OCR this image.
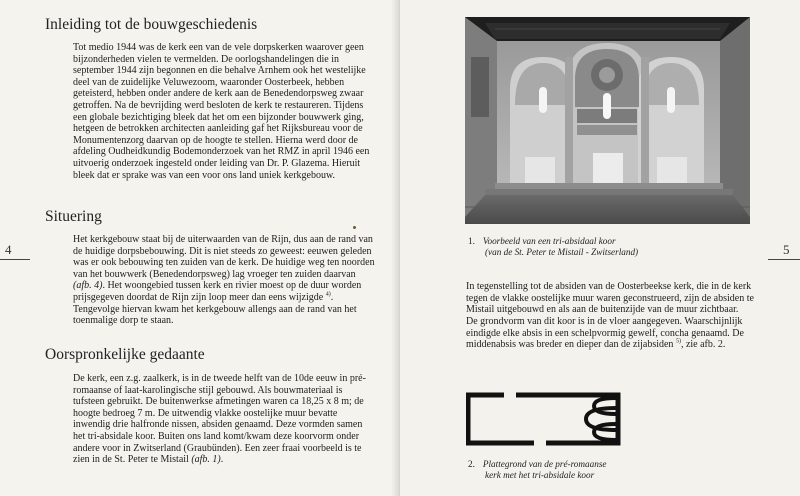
Inleiding tot de bouwgeschiedenis

Tot medio 1944 was de kerk een van de vele dorpskerken waarover geen bijzonderheden vielen te vermelden. De oorlogshandelingen die in september 1944 zijn begonnen en die behalve Arnhem ook het westelijke deel van de zuidelijke Veluwezoom, waaronder Oosterbeek, hebben geteisterd, hebben onder andere de kerk aan de Benedendorpsweg zwaar getroffen. Na de bevrijding werd besloten de kerk te restaureren. Tijdens een globale bezichtiging bleek dat het om een bijzonder bouwwerk ging, hetgeen de betrokken architecten aanleiding gaf het Rijksbureau voor de Monumentenzorg daarvan op de hoogte te stellen. Hierna werd door de afdeling Oudheidkundig Bodemonderzoek van het RMZ in april 1946 een uitvoerig onderzoek ingesteld onder leiding van Dr. P. Glazema. Hieruit bleek dat er sprake was van een voor ons land uniek kerkgebouw.

Situering

Het kerkgebouw staat bij de uiterwaarden van de Rijn, dus aan de rand van de huidige dorpsbebouwing. Dit is niet steeds zo geweest: eeuwen geleden was er ook bebouwing ten zuiden van de kerk. De huidige weg ten noorden van het bouwwerk (Benedendorpsweg) lag vroeger ten zuiden daarvan (afb. 4). Het woongebied tussen kerk en rivier moest op de duur worden prijsgegeven doordat de Rijn zijn loop meer dan eens wijzigde $^{4)}$. Tengevolge hiervan kwam het kerkgebouw allengs aan de rand van het toenmalige dorp te staan.

4
Oorspronkelijke gedaante

De kerk, een z.g. zaalkerk, is in de tweede helft van de 10de eeuw in pré-romaanse of laat-karolingische stijl gebouwd. Als bouwmateriaal is tufsteen gebruikt. De buitenwerkse afmetingen waren ca 18,25 x 8 m; de hoogte bedroeg 7 m. De uitwendig vlakke oostelijke muur bevatte inwendig drie halfronde nissen, absiden genaamd. Deze vormden samen het tri-absidale koor. Buiten ons land komt/kwam deze koorvorm onder andere voor in Zwitserland (Graubünden). Een zeer fraai voorbeeld is te zien in de St. Peter te Mistail (afb. 1).

1. Voorbeeld van een tri-absidaal koor
(van de St. Peter te Mistail - Zwitserland)	5

In tegenstelling tot de absiden van de Oosterbeekse kerk, die in de kerk tegen de vlakke oostelijke muur waren geconstrueerd, zijn de absiden te Mistail uitgebouwd en als aan de buitenzijde van de muur zichtbaar.

De grondvorm van dit koor is in de vloer aangegeven. Waarschijnlijk eindigde elke absis in een schelpvormig gewelf, concha genaamd. De middenabsis was breder en dieper dan de zijabsiden $^{5)}$, zie afb. 2.

2. Plattegrond van de pré-romaanse
kerk met het tri-absidale koor
